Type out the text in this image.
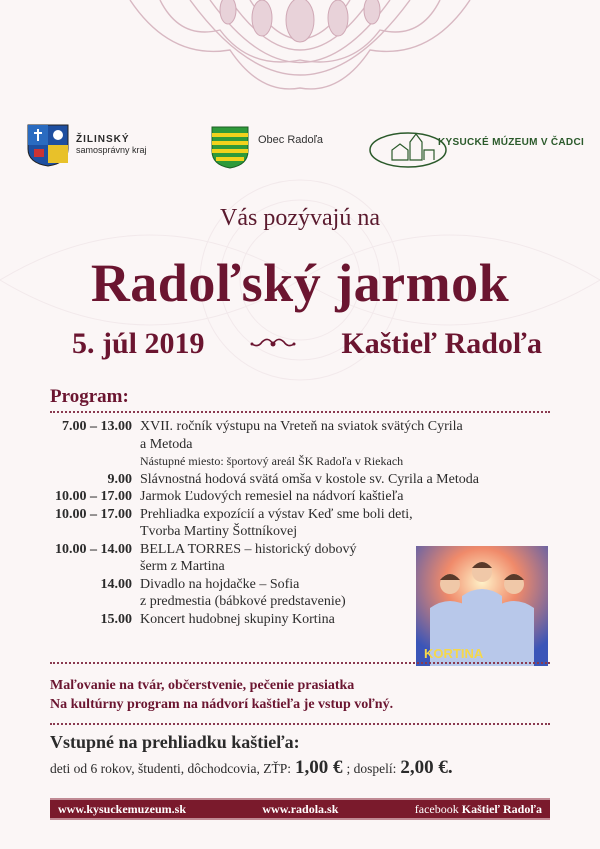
ŽILINSKÝ
samosprávny kraj
Obec Radoľa	KYSUCKÉ MÚZEUM V ČADCI
Vás pozývajú na
Radoľský jarmok
5. júl 2019	Kaštieľ Radoľa
Program:
7.00 – 13.00 XVII. ročník výstupu na Vreteň na sviatok svätých Cyrila
a Metoda
Nástupné miesto: športový areál ŠK Radoľa v Riekach
9.00 Slávnostná hodová svätá omša v kostole sv. Cyrila a Metoda
10.00 – 17.00 Jarmok Ľudových remesiel na nádvorí kaštieľa
10.00 – 17.00 Prehliadka expozícií a výstav Keď sme boli deti,
Tvorba Martiny Šottníkovej
10.00 – 14.00 BELLA TORRES – historický dobový
šerm z Martina
14.00 Divadlo na hojdačke – Sofia
z predmestia (bábkové predstavenie)
15.00 Koncert hudobnej skupiny Kortina
KORTINA
Maľovanie na tvár, občerstvenie, pečenie prasiatka
Na kultúrny program na nádvorí kaštieľa je vstup voľný.
Vstupné na prehliadku kaštieľa:
deti od 6 rokov, študenti, dôchodcovia, ZŤP: 1,00 € ; dospelí: 2,00 €.
www.kysuckemuzeum.sk	www.radola.sk	facebook Kaštieľ Radoľa
